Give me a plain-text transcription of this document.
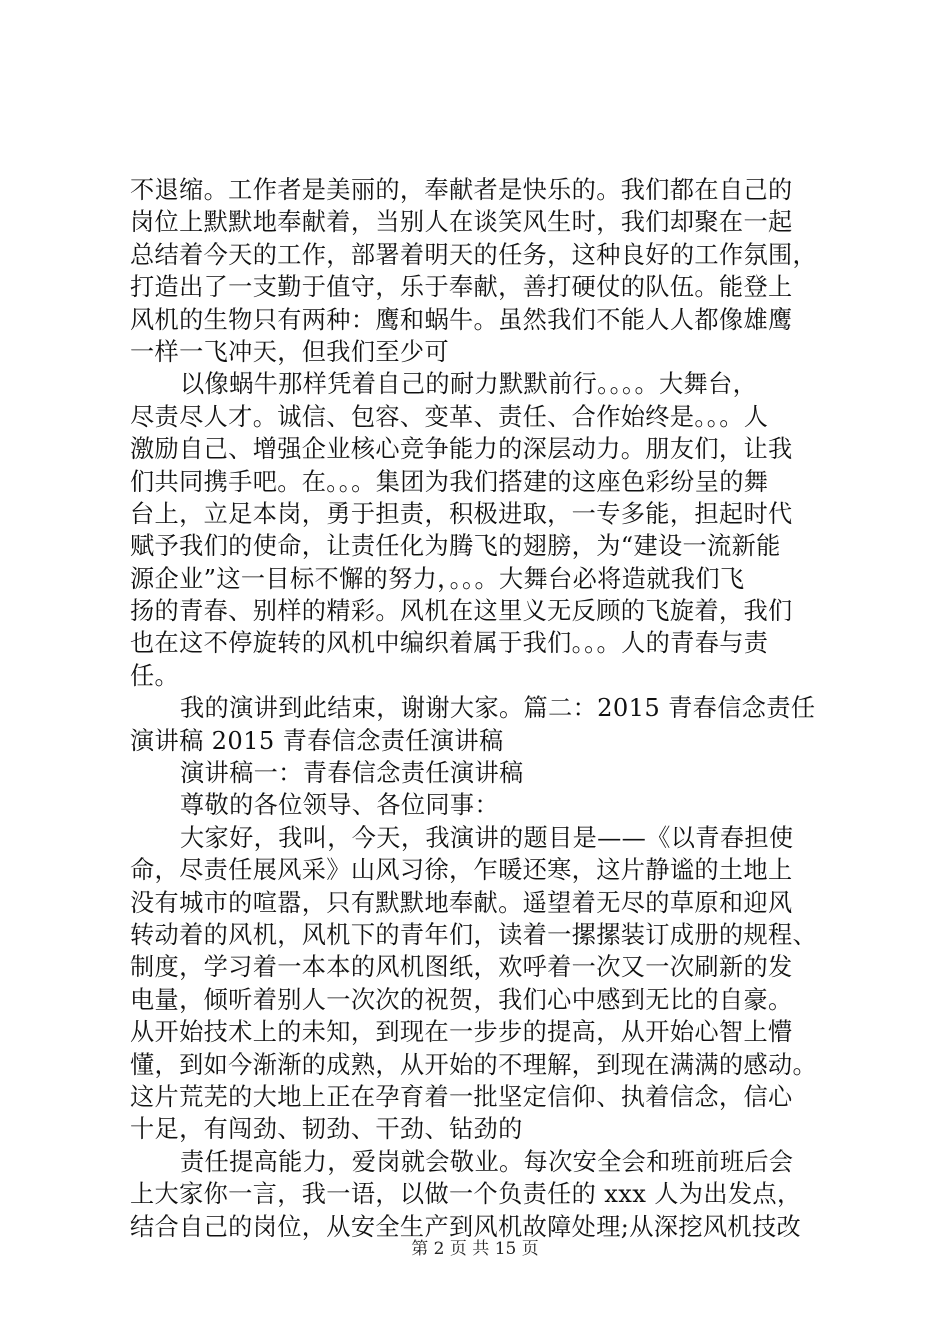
不退缩。工作者是美丽的，奉献者是快乐的。我们都在自己的
岗位上默默地奉献着，当别人在谈笑风生时，我们却聚在一起
总结着今天的工作，部署着明天的任务，这种良好的工作氛围，
打造出了一支勤于值守，乐于奉献，善打硬仗的队伍。能登上
风机的生物只有两种：鹰和蜗牛。虽然我们不能人人都像雄鹰
一样一飞冲天，但我们至少可
以像蜗牛那样凭着自己的耐力默默前行。。。。大舞台，
尽责尽人才。诚信、包容、变革、责任、合作始终是。。。人
激励自己、增强企业核心竞争能力的深层动力。朋友们，让我
们共同携手吧。在。。。集团为我们搭建的这座色彩纷呈的舞
台上，立足本岗，勇于担责，积极进取，一专多能，担起时代
赋予我们的使命，让责任化为腾飞的翅膀，为“建设一流新能
源企业”这一目标不懈的努力，。。。大舞台必将造就我们飞
扬的青春、别样的精彩。风机在这里义无反顾的飞旋着，我们
也在这不停旋转的风机中编织着属于我们。。。人的青春与责
任。
我的演讲到此结束，谢谢大家。篇二：2015 青春信念责任
演讲稿 2015 青春信念责任演讲稿
演讲稿一：青春信念责任演讲稿
尊敬的各位领导、各位同事：
大家好，我叫，今天，我演讲的题目是——《以青春担使
命，尽责任展风采》山风习徐，乍暖还寒，这片静谧的土地上
没有城市的喧嚣，只有默默地奉献。遥望着无尽的草原和迎风
转动着的风机，风机下的青年们，读着一摞摞装订成册的规程、
制度，学习着一本本的风机图纸，欢呼着一次又一次刷新的发
电量，倾听着别人一次次的祝贺，我们心中感到无比的自豪。
从开始技术上的未知，到现在一步步的提高，从开始心智上懵
懂，到如今渐渐的成熟，从开始的不理解，到现在满满的感动。
这片荒芜的大地上正在孕育着一批坚定信仰、执着信念，信心
十足，有闯劲、韧劲、干劲、钻劲的
责任提高能力，爱岗就会敬业。每次安全会和班前班后会
上大家你一言，我一语，以做一个负责任的 xxx 人为出发点，
结合自己的岗位，从安全生产到风机故障处理;从深挖风机技改
第 2 页 共 15 页
